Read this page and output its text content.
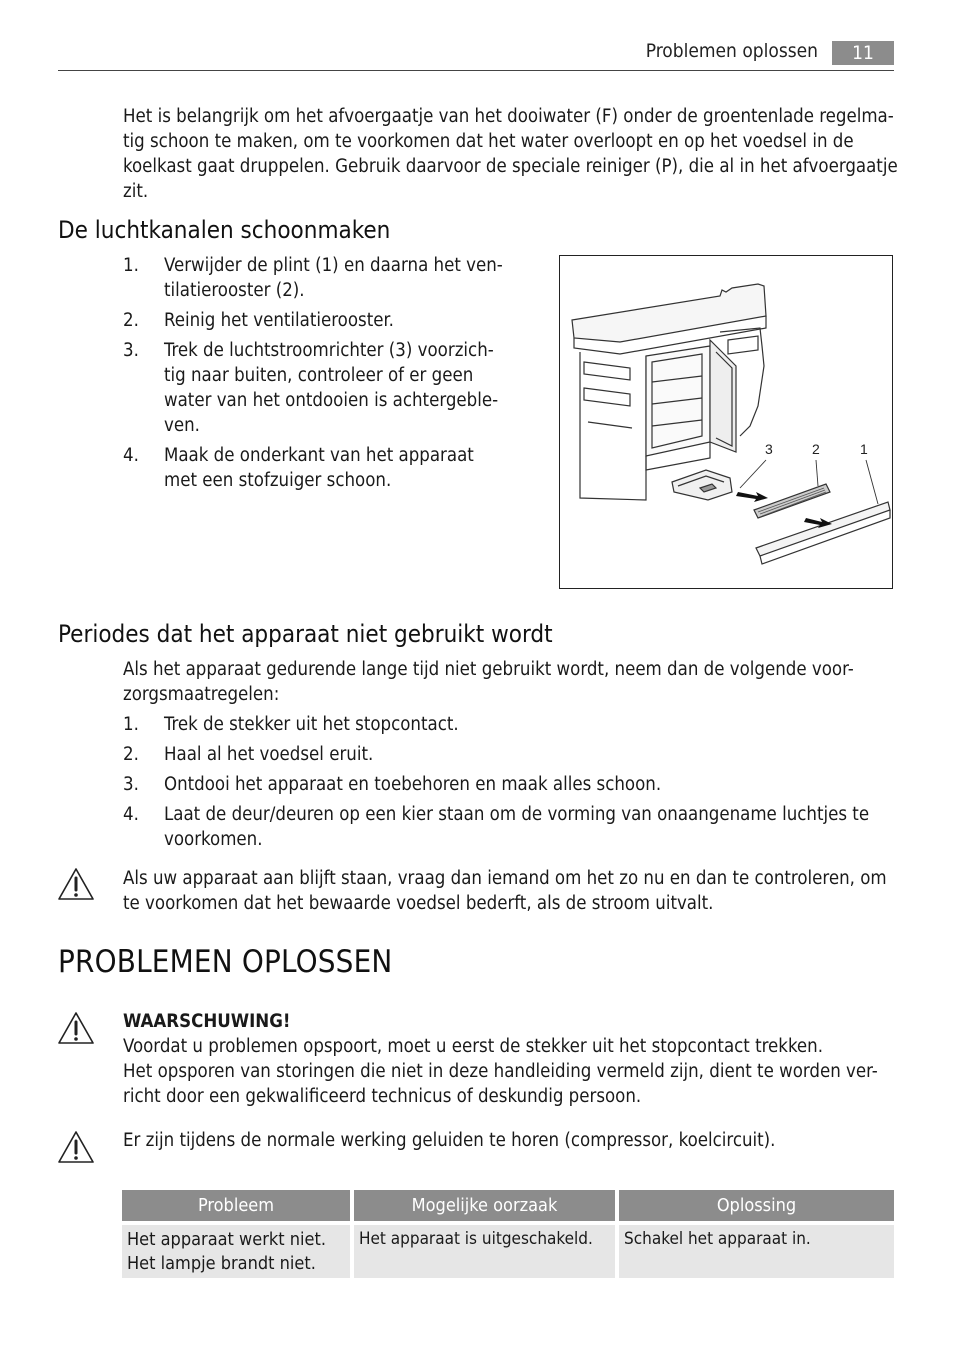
Problemen oplossen	11
Het is belangrijk om het afvoergaatje van het dooiwater (F) onder de groentenlade regelma-
tig schoon te maken, om te voorkomen dat het water overloopt en op het voedsel in de
koelkast gaat druppelen. Gebruik daarvoor de speciale reiniger (P), die al in het afvoergaatje
zit.
De luchtkanalen schoonmaken
1. Verwijder de plint (1) en daarna het ven-
tilatierooster (2).
2. Reinig het ventilatierooster.
3. Trek de luchtstroomrichter (3) voorzich-
tig naar buiten, controleer of er geen
water van het ontdooien is achtergeble-
ven.
4. Maak de onderkant van het apparaat
met een stofzuiger schoon.
3	2	1
Periodes dat het apparaat niet gebruikt wordt
Als het apparaat gedurende lange tijd niet gebruikt wordt, neem dan de volgende voor-
zorgsmaatregelen:
1. Trek de stekker uit het stopcontact.
2. Haal al het voedsel eruit.
3. Ontdooi het apparaat en toebehoren en maak alles schoon.
4. Laat de deur/deuren op een kier staan om de vorming van onaangename luchtjes te
voorkomen.
Als uw apparaat aan blijft staan, vraag dan iemand om het zo nu en dan te controleren, om
te voorkomen dat het bewaarde voedsel bederft, als de stroom uitvalt.
PROBLEMEN OPLOSSEN
WAARSCHUWING!
Voordat u problemen opspoort, moet u eerst de stekker uit het stopcontact trekken.
Het opsporen van storingen die niet in deze handleiding vermeld zijn, dient te worden ver-
richt door een gekwalificeerd technicus of deskundig persoon.
Er zijn tijdens de normale werking geluiden te horen (compressor, koelcircuit).
Probleem	Mogelijke oorzaak	Oplossing
Het apparaat werkt niet.
Het lampje brandt niet.
Het apparaat is uitgeschakeld.	Schakel het apparaat in.
